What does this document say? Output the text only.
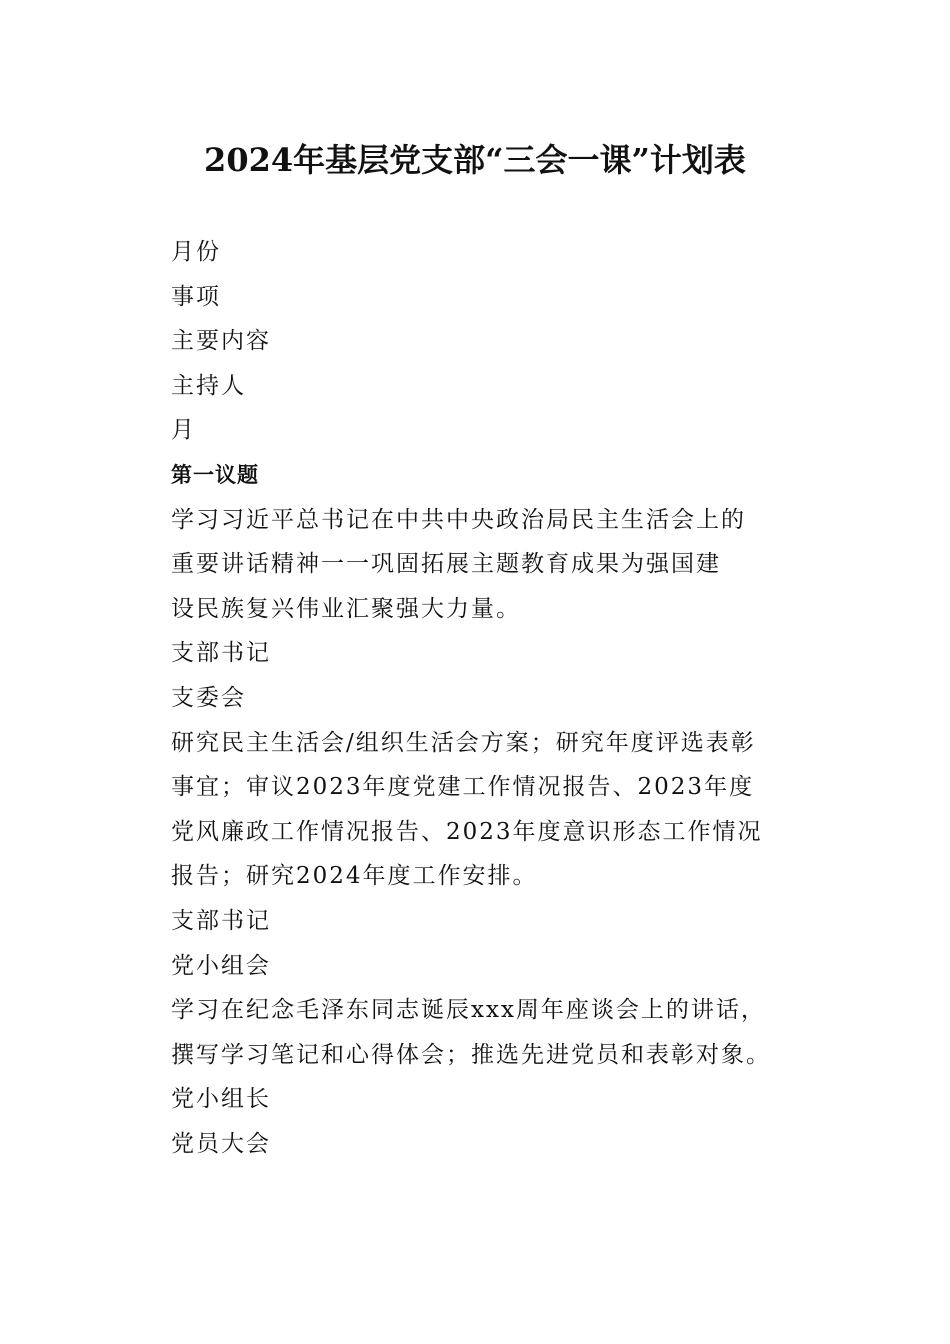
2024年基层党支部“三会一课”计划表
月份
事项
主要内容
主持人
月
第一议题
学习习近平总书记在中共中央政治局民主生活会上的
重要讲话精神一一巩固拓展主题教育成果为强国建
设民族复兴伟业汇聚强大力量。
支部书记
支委会
研究民主生活会/组织生活会方案；研究年度评选表彰
事宜；审议2023年度党建工作情况报告、2023年度
党风廉政工作情况报告、2023年度意识形态工作情况
报告；研究2024年度工作安排。
支部书记
党小组会
学习在纪念毛泽东同志诞辰xxx周年座谈会上的讲话，
撰写学习笔记和心得体会；推选先进党员和表彰对象。
党小组长
党员大会
